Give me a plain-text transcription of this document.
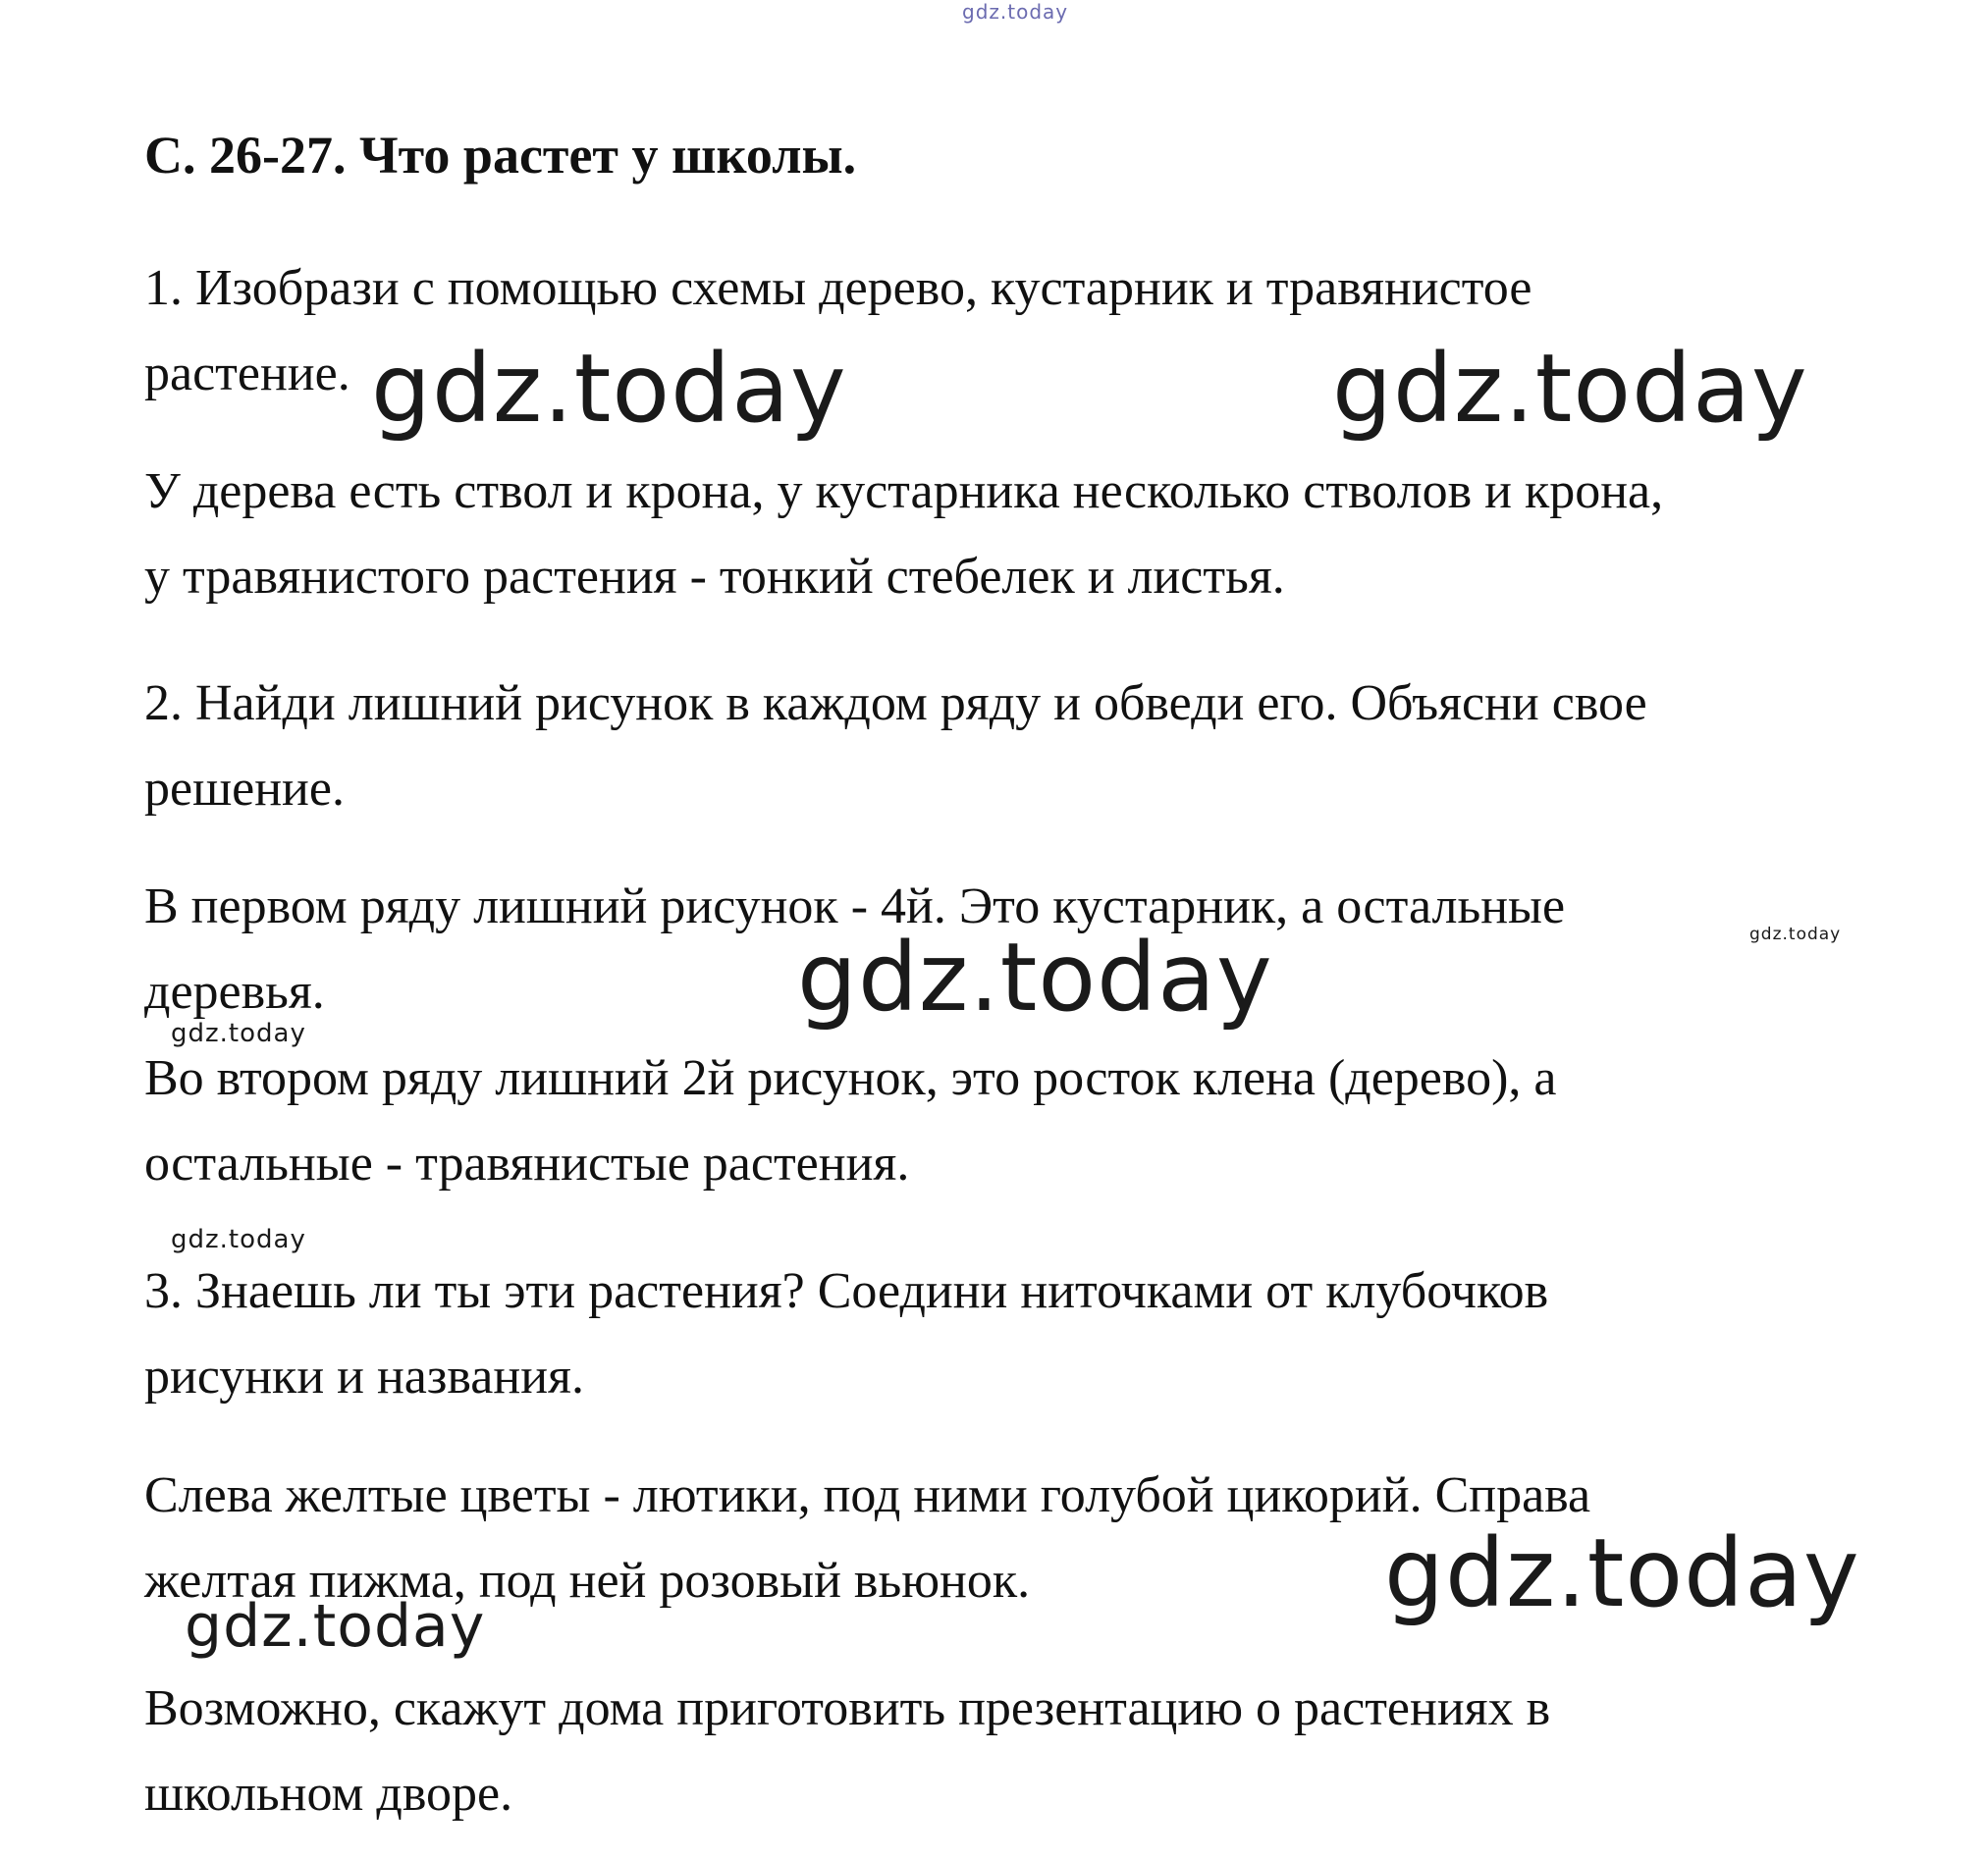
gdz.today
С. 26-27. Что растет у школы.

1. Изобрази с помощью схемы дерево, кустарник и травянистое
растение.

У дерева есть ствол и крона, у кустарника несколько стволов и крона,
у травянистого растения - тонкий стебелек и листья.

2. Найди лишний рисунок в каждом ряду и обведи его. Объясни свое
решение.

В первом ряду лишний рисунок - 4й. Это кустарник, а остальные
деревья.

Во втором ряду лишний 2й рисунок, это росток клена (дерево), а
остальные - травянистые растения.

3. Знаешь ли ты эти растения? Соедини ниточками от клубочков
рисунки и названия.

Слева желтые цветы - лютики, под ними голубой цикорий. Справа
желтая пижма, под ней розовый вьюнок.

Возможно, скажут дома приготовить презентацию о растениях в
школьном дворе.

gdz.today	gdz.today
gdz.today
gdz.today
gdz.today
gdz.today
gdz.today
gdz.today
